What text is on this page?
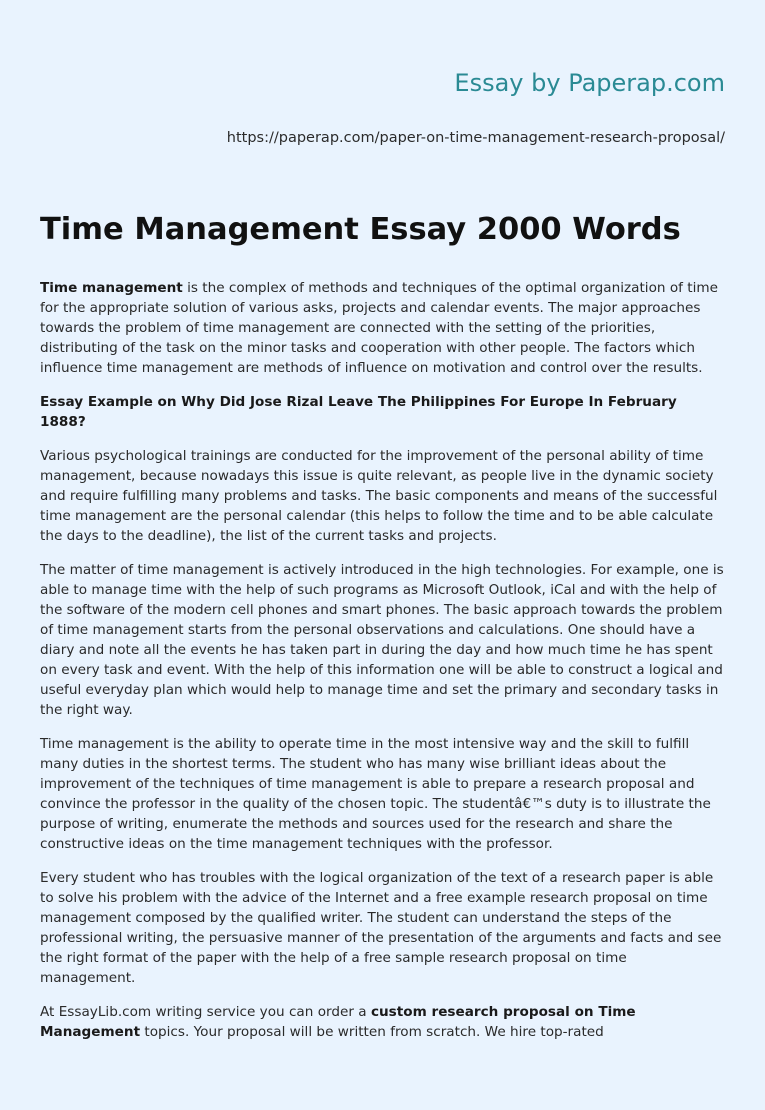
Essay by Paperap.com
https://paperap.com/paper-on-time-management-research-proposal/
Time Management Essay 2000 Words

Time management is the complex of methods and techniques of the optimal organization of time for the appropriate solution of various asks, projects and calendar events. The major approaches towards the problem of time management are connected with the setting of the priorities, distributing of the task on the minor tasks and cooperation with other people. The factors which influence time management are methods of influence on motivation and control over the results.

Essay Example on Why Did Jose Rizal Leave The Philippines For Europe In February 1888?

Various psychological trainings are conducted for the improvement of the personal ability of time management, because nowadays this issue is quite relevant, as people live in the dynamic society and require fulfilling many problems and tasks. The basic components and means of the successful time management are the personal calendar (this helps to follow the time and to be able calculate the days to the deadline), the list of the current tasks and projects.

The matter of time management is actively introduced in the high technologies. For example, one is able to manage time with the help of such programs as Microsoft Outlook, iCal and with the help of the software of the modern cell phones and smart phones. The basic approach towards the problem of time management starts from the personal observations and calculations. One should have a diary and note all the events he has taken part in during the day and how much time he has spent on every task and event. With the help of this information one will be able to construct a logical and useful everyday plan which would help to manage time and set the primary and secondary tasks in the right way.

Time management is the ability to operate time in the most intensive way and the skill to fulfill many duties in the shortest terms. The student who has many wise brilliant ideas about the improvement of the techniques of time management is able to prepare a research proposal and convince the professor in the quality of the chosen topic. The studentâ€™s duty is to illustrate the purpose of writing, enumerate the methods and sources used for the research and share the constructive ideas on the time management techniques with the professor.

Every student who has troubles with the logical organization of the text of a research paper is able to solve his problem with the advice of the Internet and a free example research proposal on time management composed by the qualified writer. The student can understand the steps of the professional writing, the persuasive manner of the presentation of the arguments and facts and see the right format of the paper with the help of a free sample research proposal on time management.

At EssayLib.com writing service you can order a custom research proposal on Time Management topics. Your proposal will be written from scratch. We hire top-rated
